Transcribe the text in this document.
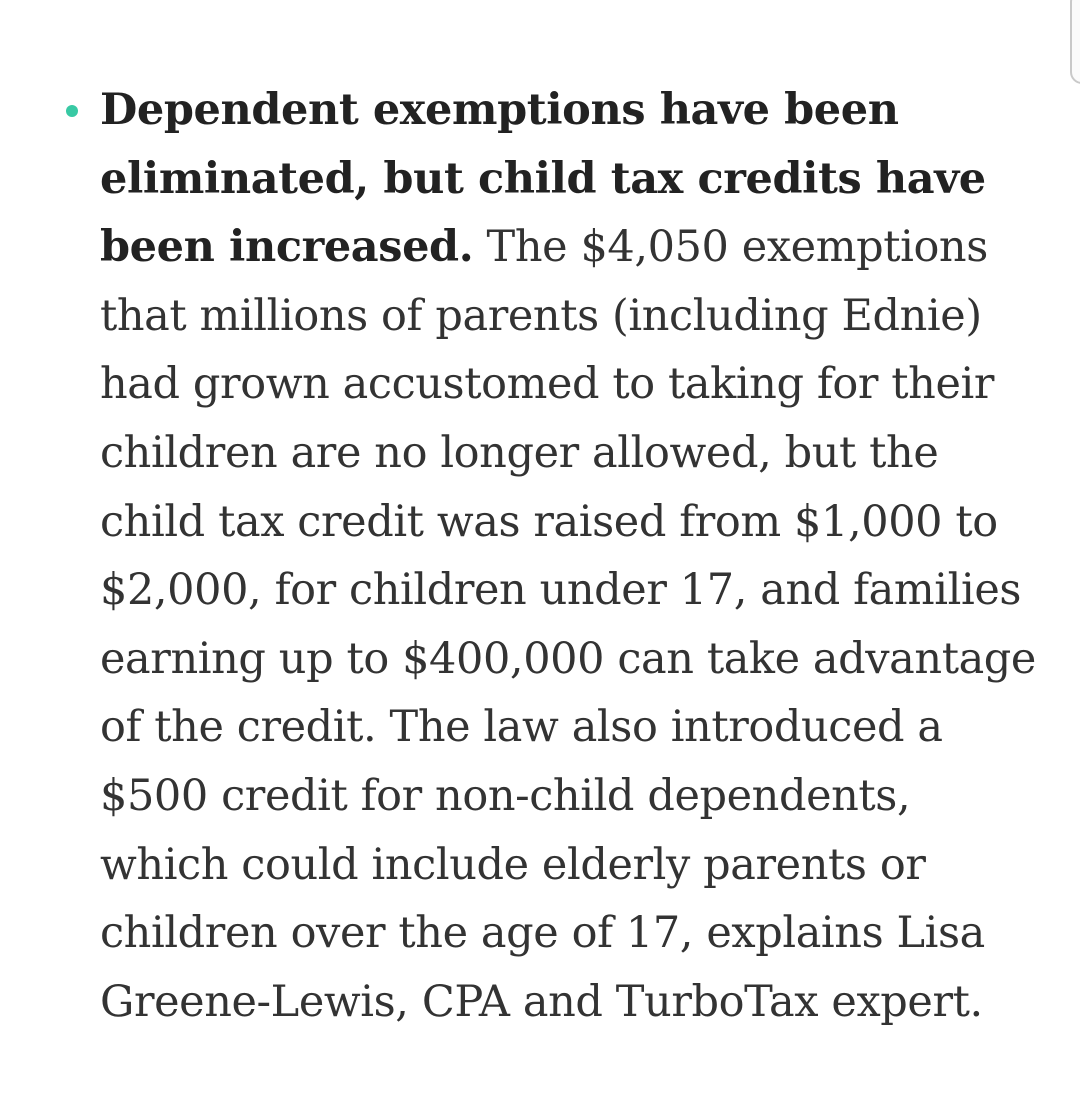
Dependent exemptions have been eliminated, but child tax credits have been increased. The $4,050 exemptions that millions of parents (including Ednie) had grown accustomed to taking for their children are no longer allowed, but the child tax credit was raised from $1,000 to $2,000, for children under 17, and families earning up to $400,000 can take advantage of the credit. The law also introduced a $500 credit for non-child dependents, which could include elderly parents or children over the age of 17, explains Lisa Greene-Lewis, CPA and TurboTax expert.
